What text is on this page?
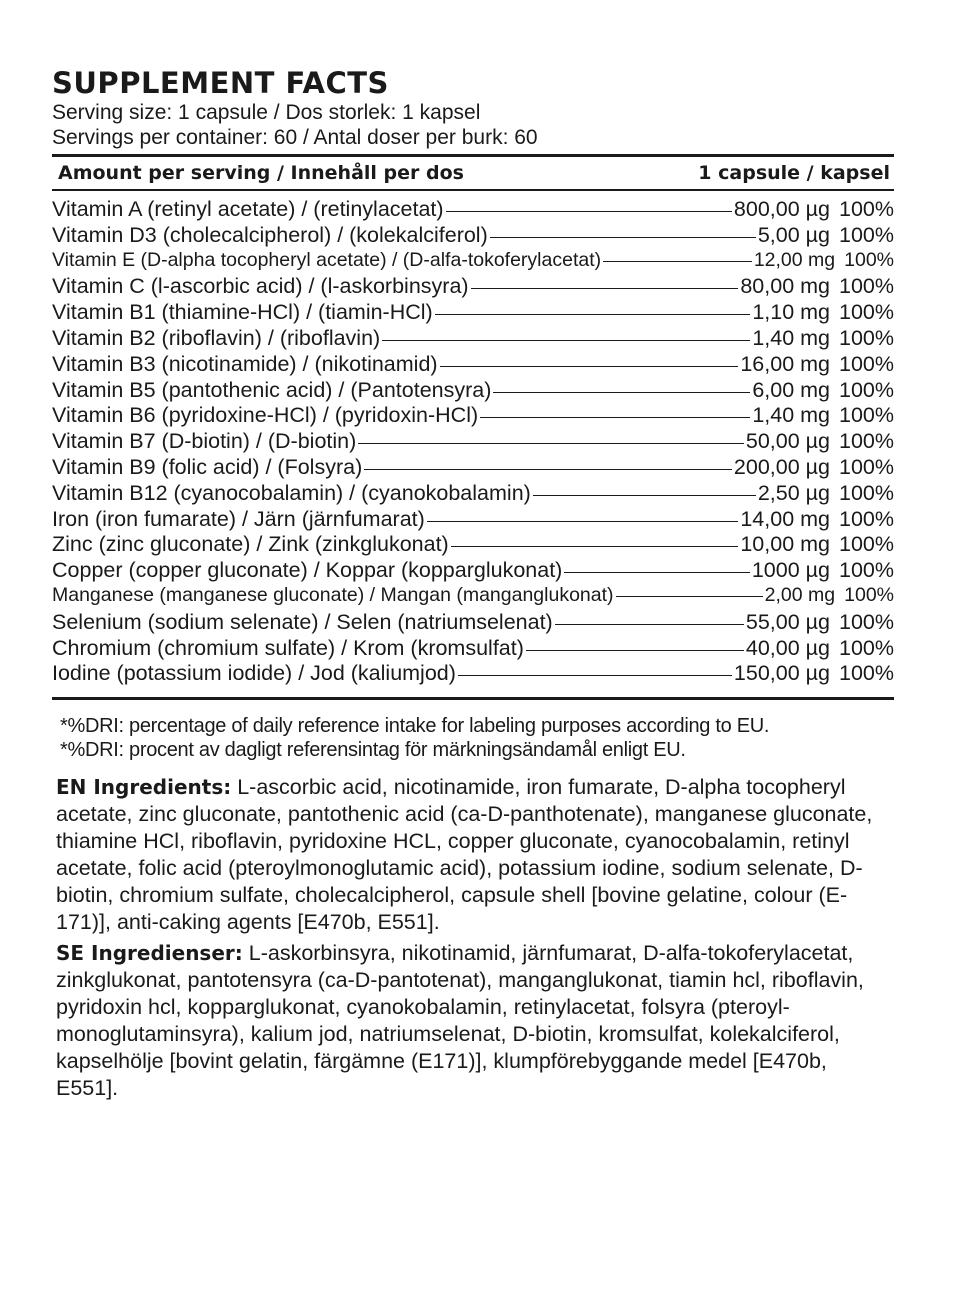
SUPPLEMENT FACTS
Serving size: 1 capsule / Dos storlek: 1 kapsel
Servings per container: 60 / Antal doser per burk: 60
Amount per serving / Innehåll per dos	1 capsule / kapsel
Vitamin A (retinyl acetate) / (retinylacetat)	800,00 µg 100%
Vitamin D3 (cholecalcipherol) / (kolekalciferol)	5,00 µg 100%
Vitamin E (D-alpha tocopheryl acetate) / (D-alfa-tokoferylacetat)	12,00 mg 100%
Vitamin C (l-ascorbic acid) / (l-askorbinsyra)	80,00 mg 100%
Vitamin B1 (thiamine-HCl) / (tiamin-HCl)	1,10 mg 100%
Vitamin B2 (riboflavin) / (riboflavin)	1,40 mg 100%
Vitamin B3 (nicotinamide) / (nikotinamid)	16,00 mg 100%
Vitamin B5 (pantothenic acid) / (Pantotensyra)	6,00 mg 100%
Vitamin B6 (pyridoxine-HCl) / (pyridoxin-HCl)	1,40 mg 100%
Vitamin B7 (D-biotin) / (D-biotin)	50,00 µg 100%
Vitamin B9 (folic acid) / (Folsyra)	200,00 µg 100%
Vitamin B12 (cyanocobalamin) / (cyanokobalamin)	2,50 µg 100%
Iron (iron fumarate) / Järn (järnfumarat)	14,00 mg 100%
Zinc (zinc gluconate) / Zink (zinkglukonat)	10,00 mg 100%
Copper (copper gluconate) / Koppar (kopparglukonat)	1000 µg 100%
Manganese (manganese gluconate) / Mangan (manganglukonat)	2,00 mg 100%
Selenium (sodium selenate) / Selen (natriumselenat)	55,00 µg 100%
Chromium (chromium sulfate) / Krom (kromsulfat)	40,00 µg 100%
Iodine (potassium iodide) / Jod (kaliumjod)	150,00 µg 100%
*%DRI: percentage of daily reference intake for labeling purposes according to EU.
*%DRI: procent av dagligt referensintag för märkningsändamål enligt EU.
EN Ingredients: L-ascorbic acid, nicotinamide, iron fumarate, D-alpha tocopheryl acetate, zinc gluconate, pantothenic acid (ca-D-panthotenate), manganese gluconate, thiamine HCl, riboflavin, pyridoxine HCL, copper gluconate, cyanocobalamin, retinyl acetate, folic acid (pteroylmonoglutamic acid), potassium iodine, sodium selenate, D-biotin, chromium sulfate, cholecalcipherol, capsule shell [bovine gelatine, colour (E-171)], anti-caking agents [E470b, E551].
SE Ingredienser: L-askorbinsyra, nikotinamid, järnfumarat, D-alfa-tokoferylacetat, zinkglukonat, pantotensyra (ca-D-pantotenat), manganglukonat, tiamin hcl, riboflavin, pyridoxin hcl, kopparglukonat, cyanokobalamin, retinylacetat, folsyra (pteroyl-monoglutaminsyra), kalium jod, natriumselenat, D-biotin, kromsulfat, kolekalciferol, kapselhölje [bovint gelatin, färgämne (E171)], klumpförebyggande medel [E470b, E551].
